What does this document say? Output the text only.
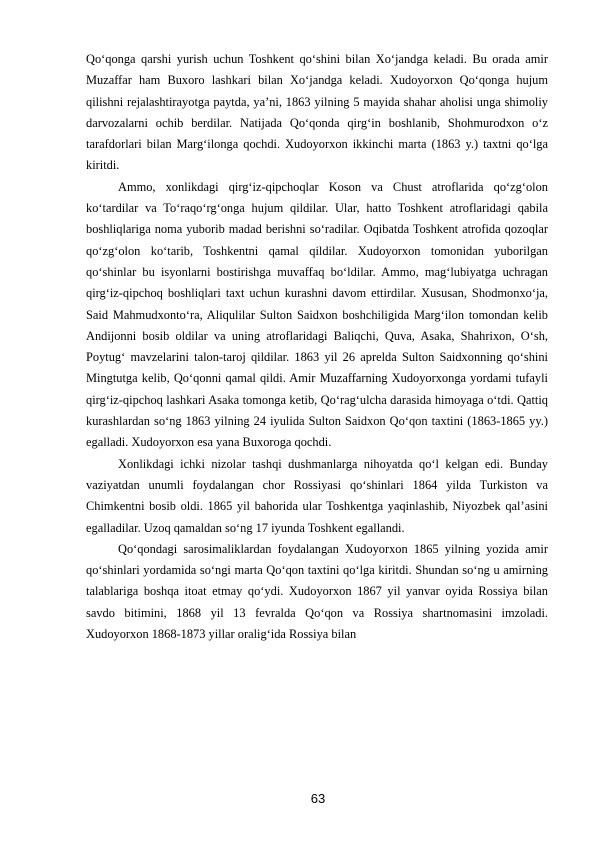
Qo‘qonga qarshi yurish uchun Toshkent qo‘shini bilan Xo‘jandga keladi. Bu orada amir Muzaffar ham Buxoro lashkari bilan Xo‘jandga keladi. Xudoyorxon Qo‘qonga hujum qilishni rejalashtirayotga paytda, ya’ni, 1863 yilning 5 mayida shahar aholisi unga shimoliy darvozalarni ochib berdilar. Natijada Qo‘qonda qirg‘in boshlanib, Shohmurodxon o‘z tarafdorlari bilan Marg‘ilonga qochdi. Xudoyorxon ikkinchi marta (1863 y.) taxtni qo‘lga kiritdi.

Ammo, xonlikdagi qirg‘iz-qipchoqlar Koson va Chust atroflarida qo‘zg‘olon ko‘tardilar va To‘raqo‘rg‘onga hujum qildilar. Ular, hatto Toshkent atroflaridagi qabila boshliqlariga noma yuborib madad berishni so‘radilar. Oqibatda Toshkent atrofida qozoqlar qo‘zg‘olon ko‘tarib, Toshkentni qamal qildilar. Xudoyorxon tomonidan yuborilgan qo‘shinlar bu isyonlarni bostirishga muvaffaq bo‘ldilar. Ammo, mag‘lubiyatga uchragan qirg‘iz-qipchoq boshliqlari taxt uchun kurashni davom ettirdilar. Xususan, Shodmonxo‘ja, Said Mahmudxonto‘ra, Aliqulilar Sulton Saidxon boshchiligida Marg‘ilon tomondan kelib Andijonni bosib oldilar va uning atroflaridagi Baliqchi, Quva, Asaka, Shahrixon, O‘sh, Poytug‘ mavzelarini talon-taroj qildilar. 1863 yil 26 aprelda Sulton Saidxonning qo‘shini Mingtutga kelib, Qo‘qonni qamal qildi. Amir Muzaffarning Xudoyorxonga yordami tufayli qirg‘iz-qipchoq lashkari Asaka tomonga ketib, Qo‘rag‘ulcha darasida himoyaga o‘tdi. Qattiq kurashlardan so‘ng 1863 yilning 24 iyulida Sulton Saidxon Qo‘qon taxtini (1863-1865 yy.) egalladi. Xudoyorxon esa yana Buxoroga qochdi.

Xonlikdagi ichki nizolar tashqi dushmanlarga nihoyatda qo‘l kelgan edi. Bunday vaziyatdan unumli foydalangan chor Rossiyasi qo‘shinlari 1864 yilda Turkiston va Chimkentni bosib oldi. 1865 yil bahorida ular Toshkentga yaqinlashib, Niyozbek qal’asini egalladilar. Uzoq qamaldan so‘ng 17 iyunda Toshkent egallandi.

Qo‘qondagi sarosimaliklardan foydalangan Xudoyorxon 1865 yilning yozida amir qo‘shinlari yordamida so‘ngi marta Qo‘qon taxtini qo‘lga kiritdi. Shundan so‘ng u amirning talablariga boshqa itoat etmay qo‘ydi. Xudoyorxon 1867 yil yanvar oyida Rossiya bilan savdo bitimini, 1868 yil 13 fevralda Qo‘qon va Rossiya shartnomasini imzoladi. Xudoyorxon 1868-1873 yillar oralig‘ida Rossiya bilan

63
